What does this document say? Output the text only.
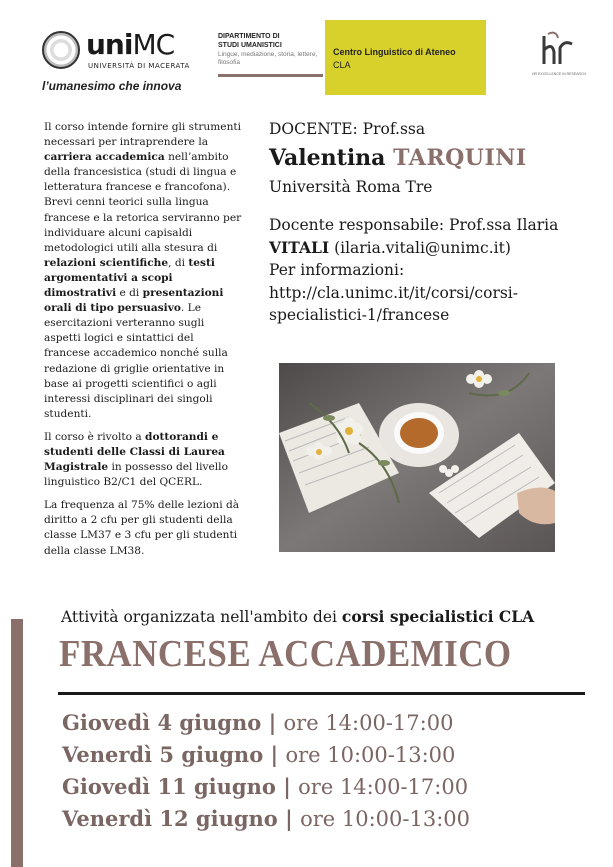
uniMC
UNIVERSITÀ DI MACERATA
l’umanesimo che innova
DIPARTIMENTO DI STUDI UMANISTICI
Lingue, mediazione, storia, lettere, filosofia
Centro Linguistico di Ateneo
CLA
HR EXCELLENCE IN RESEARCH

Il corso intende fornire gli strumenti necessari per intraprendere la carriera accademica nell’ambito della francesistica (studi di lingua e letteratura francese e francofona). Brevi cenni teorici sulla lingua francese e la retorica serviranno per individuare alcuni capisaldi metodologici utili alla stesura di relazioni scientifiche, di testi argomentativi a scopi dimostrativi e di presentazioni orali di tipo persuasivo. Le esercitazioni verteranno sugli aspetti logici e sintattici del francese accademico nonché sulla redazione di griglie orientative in base ai progetti scientifici o agli interessi disciplinari dei singoli studenti.

Il corso è rivolto a dottorandi e studenti delle Classi di Laurea Magistrale in possesso del livello linguistico B2/C1 del QCERL.

La frequenza al 75% delle lezioni dà diritto a 2 cfu per gli studenti della classe LM37 e 3 cfu per gli studenti della classe LM38.

DOCENTE: Prof.ssa
Valentina TARQUINI
Università Roma Tre
Docente responsabile: Prof.ssa Ilaria
VITALI (ilaria.vitali@unimc.it)
Per informazioni:
http://cla.unimc.it/it/corsi/corsi-
specialistici-1/francese
Attività organizzata nell'ambito dei corsi specialistici CLA
FRANCESE ACCADEMICO
Giovedì 4 giugno | ore 14:00-17:00
Venerdì 5 giugno | ore 10:00-13:00
Giovedì 11 giugno | ore 14:00-17:00
Venerdì 12 giugno | ore 10:00-13:00
